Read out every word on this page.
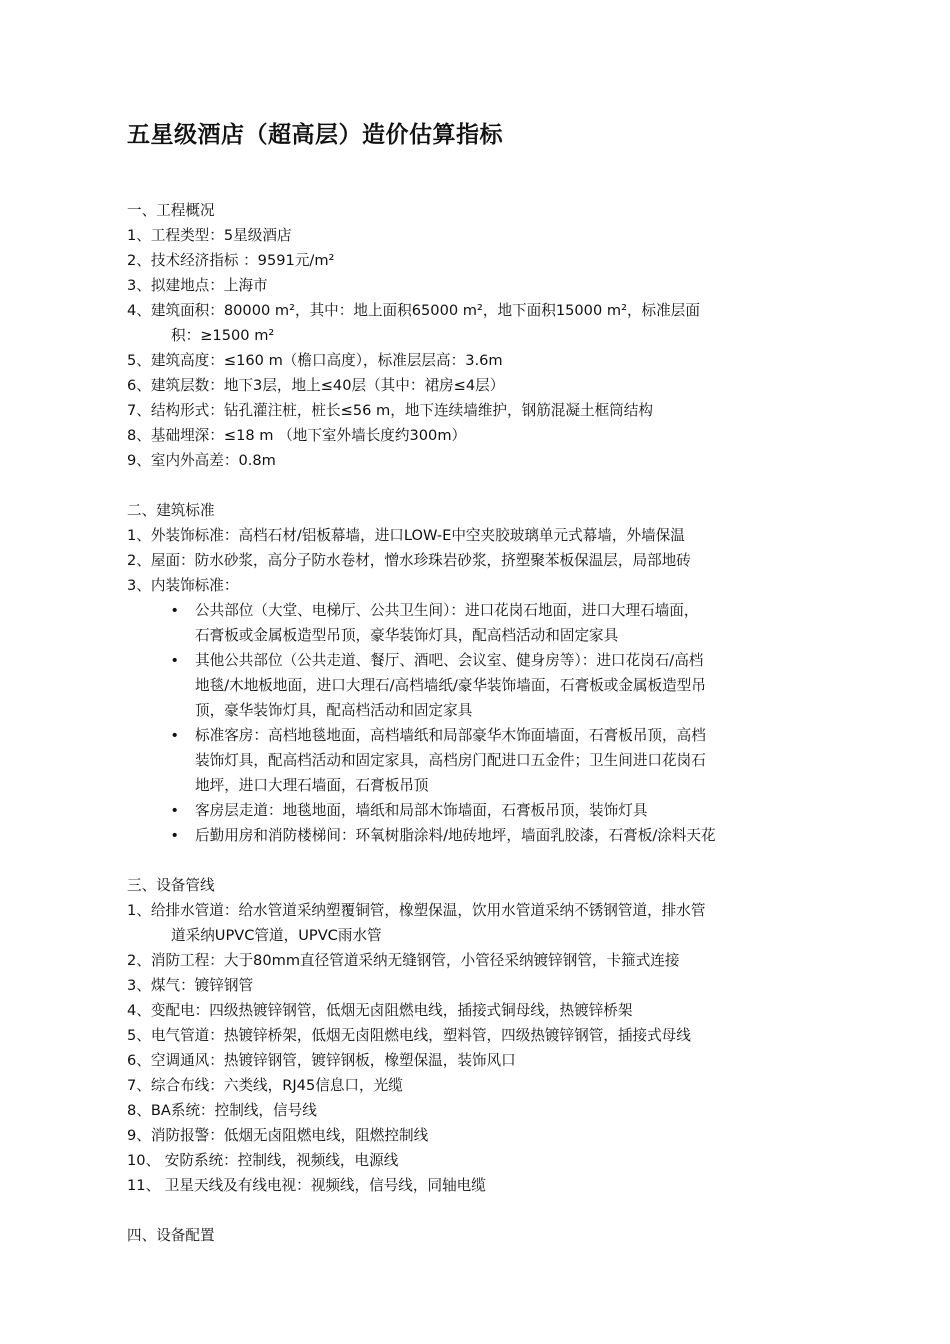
五星级酒店（超高层）造价估算指标
一、工程概况
1、工程类型：5星级酒店
2、技术经济指标 ：9591元/m²
3、拟建地点：上海市
4、建筑面积：80000 m²，其中：地上面积65000 m²，地下面积15000 m²，标准层面
积：≥1500 m²
5、建筑高度：≤160 m（檐口高度），标准层层高：3.6m
6、建筑层数：地下3层，地上≤40层（其中：裙房≤4层）
7、结构形式：钻孔灌注桩，桩长≤56 m，地下连续墙维护，钢筋混凝土框筒结构
8、基础埋深：≤18 m （地下室外墙长度约300m）
9、室内外高差：0.8m
二、建筑标准
1、外装饰标准：高档石材/铝板幕墙，进口LOW-E中空夹胶玻璃单元式幕墙，外墙保温
2、屋面：防水砂浆，高分子防水卷材，憎水珍珠岩砂浆，挤塑聚苯板保温层，局部地砖
3、内装饰标准：
•	公共部位（大堂、电梯厅、公共卫生间）：进口花岗石地面，进口大理石墙面，
石膏板或金属板造型吊顶，豪华装饰灯具，配高档活动和固定家具
•	其他公共部位（公共走道、餐厅、酒吧、会议室、健身房等）：进口花岗石/高档
地毯/木地板地面，进口大理石/高档墙纸/豪华装饰墙面，石膏板或金属板造型吊
顶，豪华装饰灯具，配高档活动和固定家具
•	标准客房：高档地毯地面，高档墙纸和局部豪华木饰面墙面，石膏板吊顶，高档
装饰灯具，配高档活动和固定家具，高档房门配进口五金件；卫生间进口花岗石
地坪，进口大理石墙面，石膏板吊顶
•	客房层走道：地毯地面，墙纸和局部木饰墙面，石膏板吊顶，装饰灯具
•	后勤用房和消防楼梯间：环氧树脂涂料/地砖地坪，墙面乳胶漆，石膏板/涂料天花
三、设备管线
1、给排水管道：给水管道采纳塑覆铜管，橡塑保温，饮用水管道采纳不锈钢管道，排水管
道采纳UPVC管道，UPVC雨水管
2、消防工程：大于80mm直径管道采纳无缝钢管，小管径采纳镀锌钢管，卡箍式连接
3、煤气：镀锌钢管
4、变配电：四级热镀锌钢管，低烟无卤阻燃电线，插接式铜母线，热镀锌桥架
5、电气管道：热镀锌桥架，低烟无卤阻燃电线，塑料管，四级热镀锌钢管，插接式母线
6、空调通风：热镀锌钢管，镀锌钢板，橡塑保温，装饰风口
7、综合布线：六类线，RJ45信息口，光缆
8、BA系统：控制线，信号线
9、消防报警：低烟无卤阻燃电线，阻燃控制线
10、 安防系统：控制线，视频线，电源线
11、 卫星天线及有线电视：视频线，信号线，同轴电缆
四、设备配置
